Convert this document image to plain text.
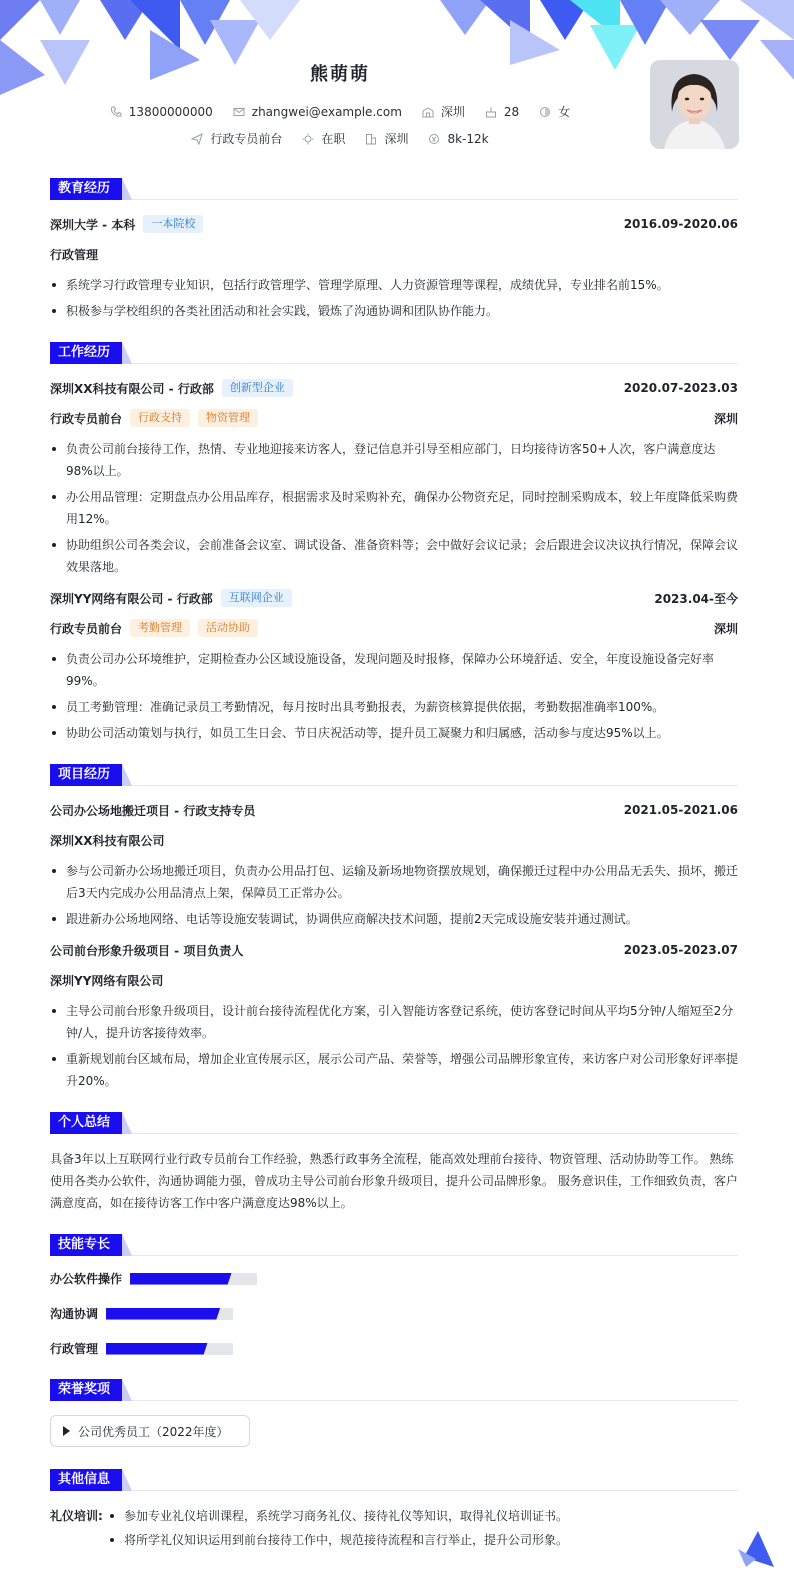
熊萌萌
13800000000	zhangwei@example.com	深圳	28	女
行政专员前台	在职	深圳	8k-12k
教育经历
深圳大学 - 本科	一本院校	2016.09-2020.06
行政管理
系统学习行政管理专业知识，包括行政管理学、管理学原理、人力资源管理等课程，成绩优异，专业排名前15%。
积极参与学校组织的各类社团活动和社会实践，锻炼了沟通协调和团队协作能力。
工作经历
深圳XX科技有限公司 - 行政部	创新型企业	2020.07-2023.03
行政专员前台	行政支持	物资管理	深圳
负责公司前台接待工作，热情、专业地迎接来访客人，登记信息并引导至相应部门，日均接待访客50+人次，客户满意度达98%以上。
办公用品管理：定期盘点办公用品库存，根据需求及时采购补充，确保办公物资充足，同时控制采购成本，较上年度降低采购费用12%。
协助组织公司各类会议，会前准备会议室、调试设备、准备资料等；会中做好会议记录；会后跟进会议决议执行情况，保障会议效果落地。
深圳YY网络有限公司 - 行政部	互联网企业	2023.04-至今
行政专员前台	考勤管理	活动协助	深圳
负责公司办公环境维护，定期检查办公区域设施设备，发现问题及时报修，保障办公环境舒适、安全，年度设施设备完好率99%。
员工考勤管理：准确记录员工考勤情况，每月按时出具考勤报表，为薪资核算提供依据，考勤数据准确率100%。
协助公司活动策划与执行，如员工生日会、节日庆祝活动等，提升员工凝聚力和归属感，活动参与度达95%以上。
项目经历
公司办公场地搬迁项目 - 行政支持专员	2021.05-2021.06
深圳XX科技有限公司
参与公司新办公场地搬迁项目，负责办公用品打包、运输及新场地物资摆放规划，确保搬迁过程中办公用品无丢失、损坏，搬迁后3天内完成办公用品清点上架，保障员工正常办公。
跟进新办公场地网络、电话等设施安装调试，协调供应商解决技术问题，提前2天完成设施安装并通过测试。
公司前台形象升级项目 - 项目负责人	2023.05-2023.07
深圳YY网络有限公司
主导公司前台形象升级项目，设计前台接待流程优化方案，引入智能访客登记系统，使访客登记时间从平均5分钟/人缩短至2分钟/人，提升访客接待效率。
重新规划前台区域布局，增加企业宣传展示区，展示公司产品、荣誉等，增强公司品牌形象宣传，来访客户对公司形象好评率提升20%。
个人总结

具备3年以上互联网行业行政专员前台工作经验，熟悉行政事务全流程，能高效处理前台接待、物资管理、活动协助等工作。 熟练使用各类办公软件，沟通协调能力强，曾成功主导公司前台形象升级项目，提升公司品牌形象。 服务意识佳，工作细致负责，客户满意度高，如在接待访客工作中客户满意度达98%以上。

技能专长
办公软件操作
沟通协调
行政管理
荣誉奖项
公司优秀员工（2022年度）
其他信息
礼仪培训:	参加专业礼仪培训课程，系统学习商务礼仪、接待礼仪等知识，取得礼仪培训证书。
将所学礼仪知识运用到前台接待工作中，规范接待流程和言行举止，提升公司形象。
